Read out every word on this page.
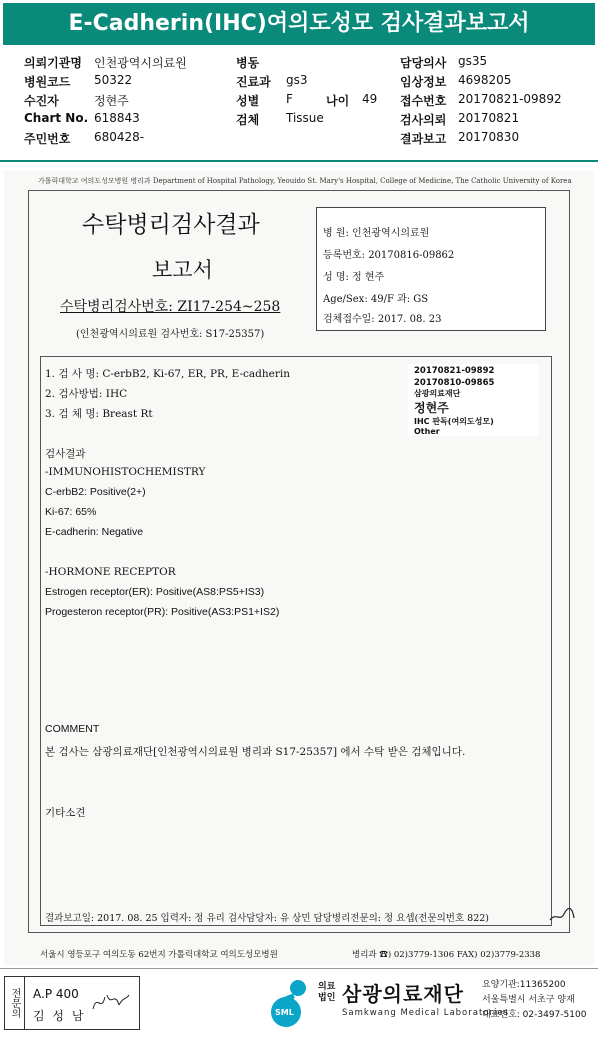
E-Cadherin(IHC)여의도성모 검사결과보고서
의뢰기관명 인천광역시의료원	병동	담당의사 gs35
병원코드 50322	진료과 gs3	임상정보 4698205
수진자	정현주	성별 F	나이 49 접수번호 20170821-09892
Chart No. 618843	검체 Tissue	검사의뢰 20170821
주민번호 680428-	결과보고 20170830
가톨릭대학교 여의도성모병원 병리과 Department of Hospital Pathology, Yeouido St. Mary's Hospital, College of Medicine, The Catholic University of Korea
수탁병리검사결과
보고서
수탁병리검사번호: ZI17-254~258
(인천광역시의료원 검사번호: S17-25357)
병 원: 인천광역시의료원
등록번호: 20170816-09862
성 명: 정 현주
Age/Sex: 49/F 과: GS
검체접수일: 2017. 08. 23
1. 검 사 명: C-erbB2, Ki-67, ER, PR, E-cadherin
2. 검사방법: IHC
3. 검 체 명: Breast Rt
20170821-09892
20170810-09865
삼광의료재단
정현주
IHC 판독(여의도성모)
Other
검사결과
-IMMUNOHISTOCHEMISTRY
C-erbB2: Positive(2+)
Ki-67: 65%
E-cadherin: Negative
-HORMONE RECEPTOR
Estrogen receptor(ER): Positive(AS8:PS5+IS3)
Progesteron receptor(PR): Positive(AS3:PS1+IS2)
COMMENT
본 검사는 삼광의료재단[인천광역시의료원 병리과 S17-25357] 에서 수탁 받은 검체입니다.
기타소견
결과보고일: 2017. 08. 25 입력자: 정 유리 검사담당자: 유 상민 담당병리전문의: 정 요셉(전문의번호 822)
서울시 영등포구 여의도동 62번지 가톨릭대학교 여의도성모병원	병리과 ☎) 02)3779-1306 FAX) 02)3779-2338
전문의	A.P 400
김 성 남	SML
의료법인 삼광의료재단
Samkwang Medical Laboratories
요양기관:11365200
서울특별시 서초구 양재
대표번호: 02-3497-5100
